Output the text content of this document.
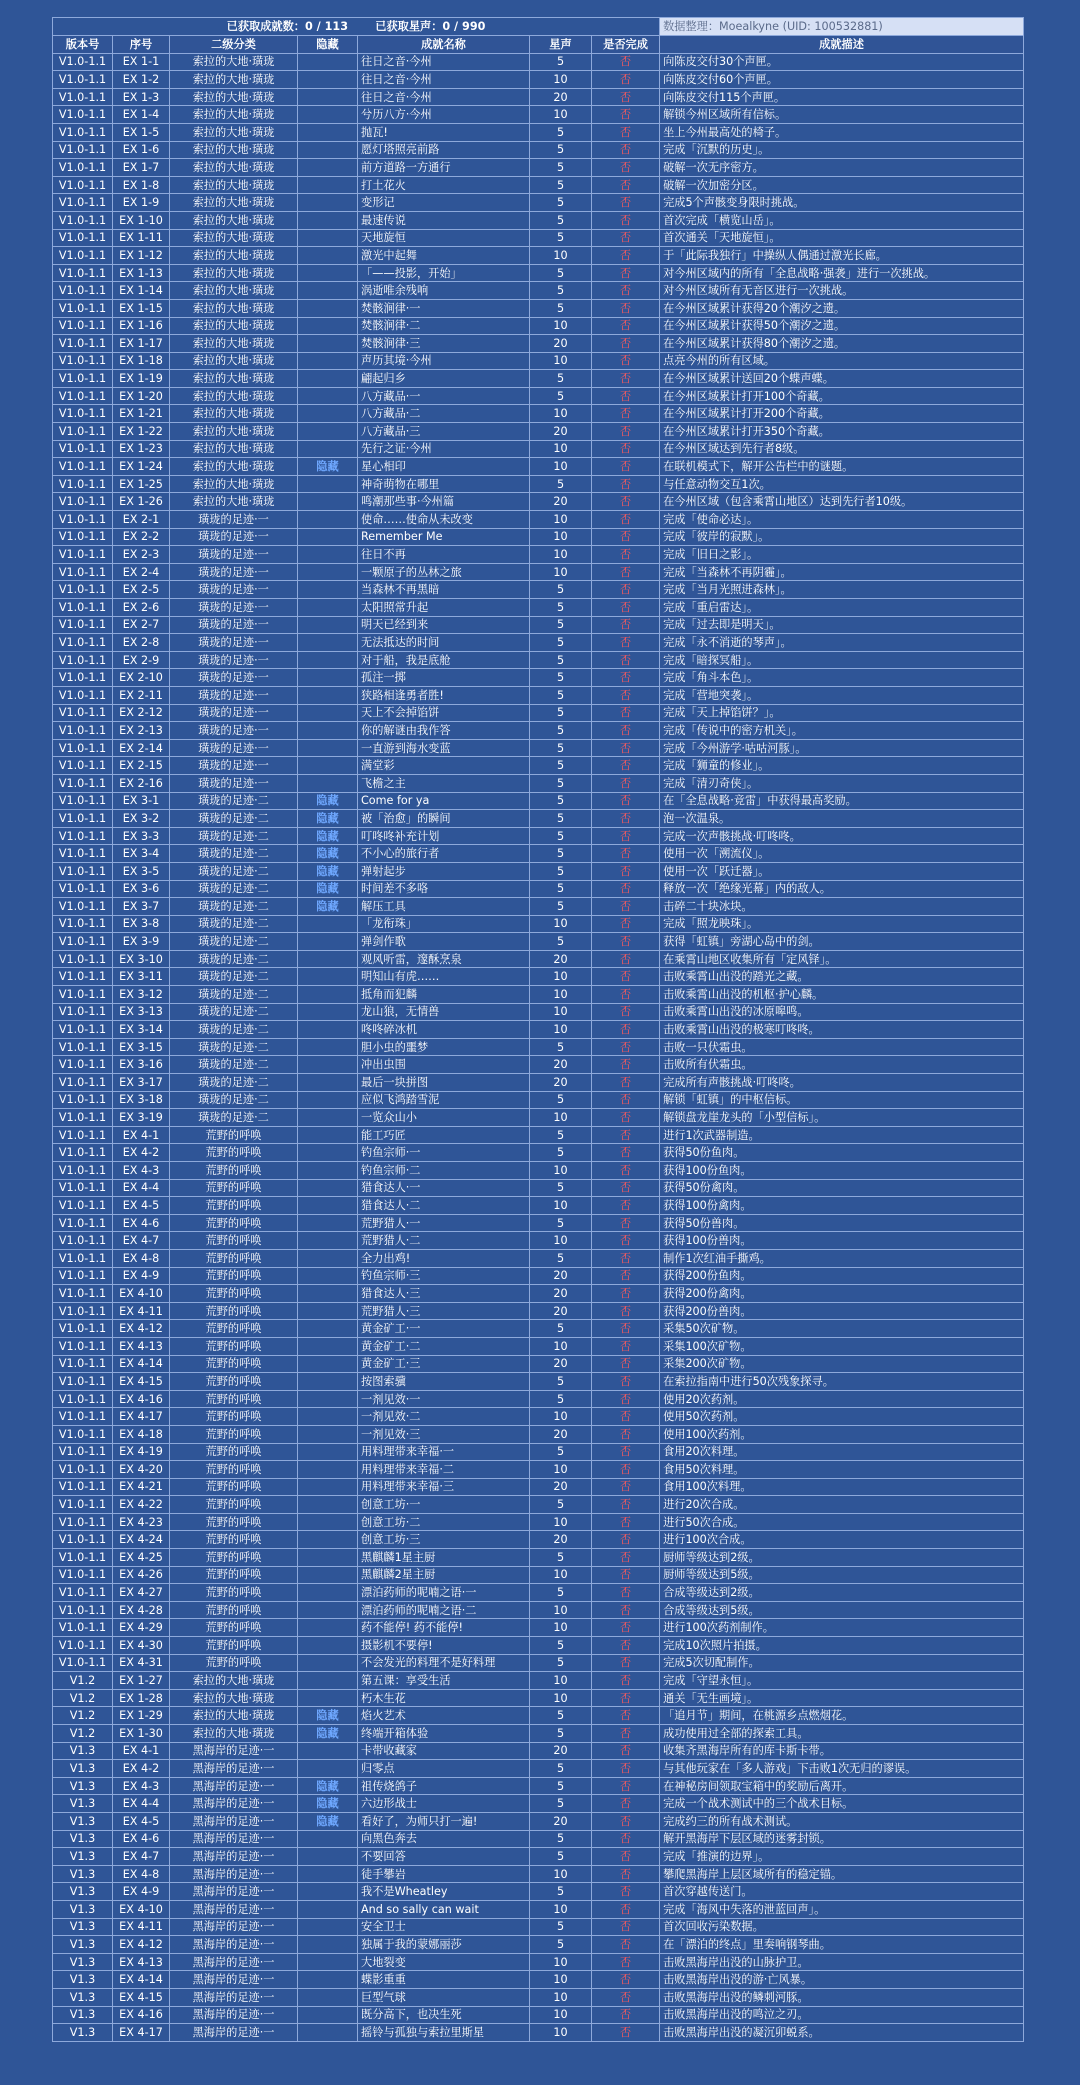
已获取成就数：0 / 113 已获取星声：0 / 990							数据整理：Moealkyne (UID: 100532881)
版本号	序号	二级分类	隐藏	成就名称	星声	是否完成	成就描述
V1.0-1.1	EX 1-1	索拉的大地·璜珑		往日之音·今州	5	否	向陈皮交付30个声匣。
V1.0-1.1	EX 1-2	索拉的大地·璜珑		往日之音·今州	10	否	向陈皮交付60个声匣。
V1.0-1.1	EX 1-3	索拉的大地·璜珑		往日之音·今州	20	否	向陈皮交付115个声匣。
V1.0-1.1	EX 1-4	索拉的大地·璜珑		兮历八方·今州	10	否	解锁今州区域所有信标。
V1.0-1.1	EX 1-5	索拉的大地·璜珑		抛瓦!	5	否	坐上今州最高处的椅子。
V1.0-1.1	EX 1-6	索拉的大地·璜珑		愿灯塔照亮前路	5	否	完成「沉默的历史」。
V1.0-1.1	EX 1-7	索拉的大地·璜珑		前方道路一方通行	5	否	破解一次无序密方。
V1.0-1.1	EX 1-8	索拉的大地·璜珑		打土花火	5	否	破解一次加密分区。
V1.0-1.1	EX 1-9	索拉的大地·璜珑		变形记	5	否	完成5个声骸变身限时挑战。
V1.0-1.1	EX 1-10	索拉的大地·璜珑		最速传说	5	否	首次完成「横览山岳」。
V1.0-1.1	EX 1-11	索拉的大地·璜珑		天地旋恒	5	否	首次通关「天地旋恒」。
V1.0-1.1	EX 1-12	索拉的大地·璜珑		激光中起舞	10	否	于「此际我独行」中操纵人偶通过激光长廊。
V1.0-1.1	EX 1-13	索拉的大地·璜珑		「——投影，开始」	5	否	对今州区域内的所有「全息战略·强袭」进行一次挑战。
V1.0-1.1	EX 1-14	索拉的大地·璜珑		涡逝唯余残响	5	否	对今州区域所有无音区进行一次挑战。
V1.0-1.1	EX 1-15	索拉的大地·璜珑		焚骸涧律·一	5	否	在今州区域累计获得20个潮汐之遗。
V1.0-1.1	EX 1-16	索拉的大地·璜珑		焚骸涧律·二	10	否	在今州区域累计获得50个潮汐之遗。
V1.0-1.1	EX 1-17	索拉的大地·璜珑		焚骸涧律·三	20	否	在今州区域累计获得80个潮汐之遗。
V1.0-1.1	EX 1-18	索拉的大地·璜珑		声历其境·今州	10	否	点亮今州的所有区域。
V1.0-1.1	EX 1-19	索拉的大地·璜珑		翩起归乡	5	否	在今州区域累计送回20个蝶声蝶。
V1.0-1.1	EX 1-20	索拉的大地·璜珑		八方藏品·一	5	否	在今州区域累计打开100个奇藏。
V1.0-1.1	EX 1-21	索拉的大地·璜珑		八方藏品·二	10	否	在今州区域累计打开200个奇藏。
V1.0-1.1	EX 1-22	索拉的大地·璜珑		八方藏品·三	20	否	在今州区域累计打开350个奇藏。
V1.0-1.1	EX 1-23	索拉的大地·璜珑		先行之证·今州	10	否	在今州区域达到先行者8级。
V1.0-1.1	EX 1-24	索拉的大地·璜珑	隐藏	星心相印	10	否	在联机模式下，解开公告栏中的谜题。
V1.0-1.1	EX 1-25	索拉的大地·璜珑		神奇萌物在哪里	5	否	与任意动物交互1次。
V1.0-1.1	EX 1-26	索拉的大地·璜珑		鸣潮那些事·今州篇	20	否	在今州区域（包含乘霄山地区）达到先行者10级。
V1.0-1.1	EX 2-1	璜珑的足迹·一		使命……使命从未改变	10	否	完成「使命必达」。
V1.0-1.1	EX 2-2	璜珑的足迹·一		Remember Me	10	否	完成「彼岸的寂默」。
V1.0-1.1	EX 2-3	璜珑的足迹·一		往日不再	10	否	完成「旧日之影」。
V1.0-1.1	EX 2-4	璜珑的足迹·一		一颗原子的丛林之旅	10	否	完成「当森林不再阴霾」。
V1.0-1.1	EX 2-5	璜珑的足迹·一		当森林不再黑暗	5	否	完成「当月光照进森林」。
V1.0-1.1	EX 2-6	璜珑的足迹·一		太阳照常升起	5	否	完成「重启雷达」。
V1.0-1.1	EX 2-7	璜珑的足迹·一		明天已经到来	5	否	完成「过去即是明天」。
V1.0-1.1	EX 2-8	璜珑的足迹·一		无法抵达的时间	5	否	完成「永不消逝的琴声」。
V1.0-1.1	EX 2-9	璜珑的足迹·一		对于船，我是底舱	5	否	完成「暗探冥船」。
V1.0-1.1	EX 2-10	璜珑的足迹·一		孤注一掷	5	否	完成「角斗本色」。
V1.0-1.1	EX 2-11	璜珑的足迹·一		狭路相逢勇者胜!	5	否	完成「营地突袭」。
V1.0-1.1	EX 2-12	璜珑的足迹·一		天上不会掉馅饼	5	否	完成「天上掉馅饼？」。
V1.0-1.1	EX 2-13	璜珑的足迹·一		你的解谜由我作答	5	否	完成「传说中的密方机关」。
V1.0-1.1	EX 2-14	璜珑的足迹·一		一直游到海水变蓝	5	否	完成「今州游学·咕咕河豚」。
V1.0-1.1	EX 2-15	璜珑的足迹·一		满堂彩	5	否	完成「狮童的修业」。
V1.0-1.1	EX 2-16	璜珑的足迹·一		飞檐之主	5	否	完成「清刃奇侠」。
V1.0-1.1	EX 3-1	璜珑的足迹·二	隐藏	Come for ya	5	否	在「全息战略·竞雷」中获得最高奖励。
V1.0-1.1	EX 3-2	璜珑的足迹·二	隐藏	被「治愈」的瞬间	5	否	泡一次温泉。
V1.0-1.1	EX 3-3	璜珑的足迹·二	隐藏	叮咚咚补充计划	5	否	完成一次声骸挑战·叮咚咚。
V1.0-1.1	EX 3-4	璜珑的足迹·二	隐藏	不小心的旅行者	5	否	使用一次「溯流仪」。
V1.0-1.1	EX 3-5	璜珑的足迹·二	隐藏	弹射起步	5	否	使用一次「跃迁器」。
V1.0-1.1	EX 3-6	璜珑的足迹·二	隐藏	时间差不多咯	5	否	释放一次「绝缘光幕」内的敌人。
V1.0-1.1	EX 3-7	璜珑的足迹·二	隐藏	解压工具	5	否	击碎二十块冰块。
V1.0-1.1	EX 3-8	璜珑的足迹·二		「龙衔珠」	10	否	完成「照龙映珠」。
V1.0-1.1	EX 3-9	璜珑的足迹·二		弹剑作歌	5	否	获得「虹镇」旁湖心岛中的剑。
V1.0-1.1	EX 3-10	璜珑的足迹·二		观风听雷，邃酥烹泉	20	否	在乘霄山地区收集所有「定风铎」。
V1.0-1.1	EX 3-11	璜珑的足迹·二		明知山有虎……	10	否	击败乘霄山出没的踏光之藏。
V1.0-1.1	EX 3-12	璜珑的足迹·二		抵角而犯麟	10	否	击败乘霄山出没的机枢·护心麟。
V1.0-1.1	EX 3-13	璜珑的足迹·二		龙山狼，无情兽	10	否	击败乘霄山出没的冰原嗥鸣。
V1.0-1.1	EX 3-14	璜珑的足迹·二		咚咚碎冰机	10	否	击败乘霄山出没的极寒叮咚咚。
V1.0-1.1	EX 3-15	璜珑的足迹·二		胆小虫的噩梦	5	否	击败一只伏霜虫。
V1.0-1.1	EX 3-16	璜珑的足迹·二		冲出虫围	20	否	击败所有伏霜虫。
V1.0-1.1	EX 3-17	璜珑的足迹·二		最后一块拼图	20	否	完成所有声骸挑战·叮咚咚。
V1.0-1.1	EX 3-18	璜珑的足迹·二		应似飞鸿踏雪泥	5	否	解锁「虹镇」的中枢信标。
V1.0-1.1	EX 3-19	璜珑的足迹·二		一览众山小	10	否	解锁盘龙崖龙头的「小型信标」。
V1.0-1.1	EX 4-1	荒野的呼唤		能工巧匠	5	否	进行1次武器制造。
V1.0-1.1	EX 4-2	荒野的呼唤		钓鱼宗师·一	5	否	获得50份鱼肉。
V1.0-1.1	EX 4-3	荒野的呼唤		钓鱼宗师·二	10	否	获得100份鱼肉。
V1.0-1.1	EX 4-4	荒野的呼唤		猎食达人·一	5	否	获得50份禽肉。
V1.0-1.1	EX 4-5	荒野的呼唤		猎食达人·二	10	否	获得100份禽肉。
V1.0-1.1	EX 4-6	荒野的呼唤		荒野猎人·一	5	否	获得50份兽肉。
V1.0-1.1	EX 4-7	荒野的呼唤		荒野猎人·二	10	否	获得100份兽肉。
V1.0-1.1	EX 4-8	荒野的呼唤		全力出鸡!	5	否	制作1次红油手撕鸡。
V1.0-1.1	EX 4-9	荒野的呼唤		钓鱼宗师·三	20	否	获得200份鱼肉。
V1.0-1.1	EX 4-10	荒野的呼唤		猎食达人·三	20	否	获得200份禽肉。
V1.0-1.1	EX 4-11	荒野的呼唤		荒野猎人·三	20	否	获得200份兽肉。
V1.0-1.1	EX 4-12	荒野的呼唤		黄金矿工·一	5	否	采集50次矿物。
V1.0-1.1	EX 4-13	荒野的呼唤		黄金矿工·二	10	否	采集100次矿物。
V1.0-1.1	EX 4-14	荒野的呼唤		黄金矿工·三	20	否	采集200次矿物。
V1.0-1.1	EX 4-15	荒野的呼唤		按图索骥	5	否	在索拉指南中进行50次残象探寻。
V1.0-1.1	EX 4-16	荒野的呼唤		一剂见效·一	5	否	使用20次药剂。
V1.0-1.1	EX 4-17	荒野的呼唤		一剂见效·二	10	否	使用50次药剂。
V1.0-1.1	EX 4-18	荒野的呼唤		一剂见效·三	20	否	使用100次药剂。
V1.0-1.1	EX 4-19	荒野的呼唤		用料理带来幸福·一	5	否	食用20次料理。
V1.0-1.1	EX 4-20	荒野的呼唤		用料理带来幸福·二	10	否	食用50次料理。
V1.0-1.1	EX 4-21	荒野的呼唤		用料理带来幸福·三	20	否	食用100次料理。
V1.0-1.1	EX 4-22	荒野的呼唤		创意工坊·一	5	否	进行20次合成。
V1.0-1.1	EX 4-23	荒野的呼唤		创意工坊·二	10	否	进行50次合成。
V1.0-1.1	EX 4-24	荒野的呼唤		创意工坊·三	20	否	进行100次合成。
V1.0-1.1	EX 4-25	荒野的呼唤		黑麒麟1星主厨	5	否	厨师等级达到2级。
V1.0-1.1	EX 4-26	荒野的呼唤		黑麒麟2星主厨	10	否	厨师等级达到5级。
V1.0-1.1	EX 4-27	荒野的呼唤		漂泊药师的呢喃之语·一	5	否	合成等级达到2级。
V1.0-1.1	EX 4-28	荒野的呼唤		漂泊药师的呢喃之语·二	10	否	合成等级达到5级。
V1.0-1.1	EX 4-29	荒野的呼唤		药不能停! 药不能停!	10	否	进行100次药剂制作。
V1.0-1.1	EX 4-30	荒野的呼唤		摄影机不要停!	5	否	完成10次照片拍摄。
V1.0-1.1	EX 4-31	荒野的呼唤		不会发光的料理不是好料理	5	否	完成5次切配制作。
V1.2	EX 1-27	索拉的大地·璜珑		第五课：享受生活	10	否	完成「守望永恒」。
V1.2	EX 1-28	索拉的大地·璜珑		朽木生花	10	否	通关「无生画境」。
V1.2	EX 1-29	索拉的大地·璜珑	隐藏	焰火艺术	5	否	「追月节」期间，在桃源乡点燃烟花。
V1.2	EX 1-30	索拉的大地·璜珑	隐藏	终端开箱体验	5	否	成功使用过全部的探索工具。
V1.3	EX 4-1	黑海岸的足迹·一		卡带收藏家	20	否	收集齐黑海岸所有的库卡斯卡带。
V1.3	EX 4-2	黑海岸的足迹·一		归零点	5	否	与其他玩家在「多人游戏」下击败1次无归的谬误。
V1.3	EX 4-3	黑海岸的足迹·一	隐藏	祖传烧鸽子	5	否	在神秘房间领取宝箱中的奖励后离开。
V1.3	EX 4-4	黑海岸的足迹·一	隐藏	六边形战士	5	否	完成一个战术测试中的三个战术目标。
V1.3	EX 4-5	黑海岸的足迹·一	隐藏	看好了，为师只打一遍!	20	否	完成约三的所有战术测试。
V1.3	EX 4-6	黑海岸的足迹·一		向黑色奔去	5	否	解开黑海岸下层区域的迷雾封锁。
V1.3	EX 4-7	黑海岸的足迹·一		不要回答	5	否	完成「推演的边界」。
V1.3	EX 4-8	黑海岸的足迹·一		徒手攀岩	10	否	攀爬黑海岸上层区域所有的稳定锚。
V1.3	EX 4-9	黑海岸的足迹·一		我不是Wheatley	5	否	首次穿越传送门。
V1.3	EX 4-10	黑海岸的足迹·一		And so sally can wait	10	否	完成「海风中失落的泄蓝回声」。
V1.3	EX 4-11	黑海岸的足迹·一		安全卫士	5	否	首次回收污染数据。
V1.3	EX 4-12	黑海岸的足迹·一		独属于我的蒙娜丽莎	5	否	在「漂泊的终点」里奏响钢琴曲。
V1.3	EX 4-13	黑海岸的足迹·一		大地裂变	10	否	击败黑海岸出没的山脉护卫。
V1.3	EX 4-14	黑海岸的足迹·一		蝶影重重	10	否	击败黑海岸出没的游·亡风暴。
V1.3	EX 4-15	黑海岸的足迹·一		巨型气球	10	否	击败黑海岸出没的鳞刺河豚。
V1.3	EX 4-16	黑海岸的足迹·一		既分高下，也决生死	10	否	击败黑海岸出没的鸣泣之刃。
V1.3	EX 4-17	黑海岸的足迹·一		摇铃与孤独与索拉里斯星	10	否	击败黑海岸出没的凝沉卯蜕系。
